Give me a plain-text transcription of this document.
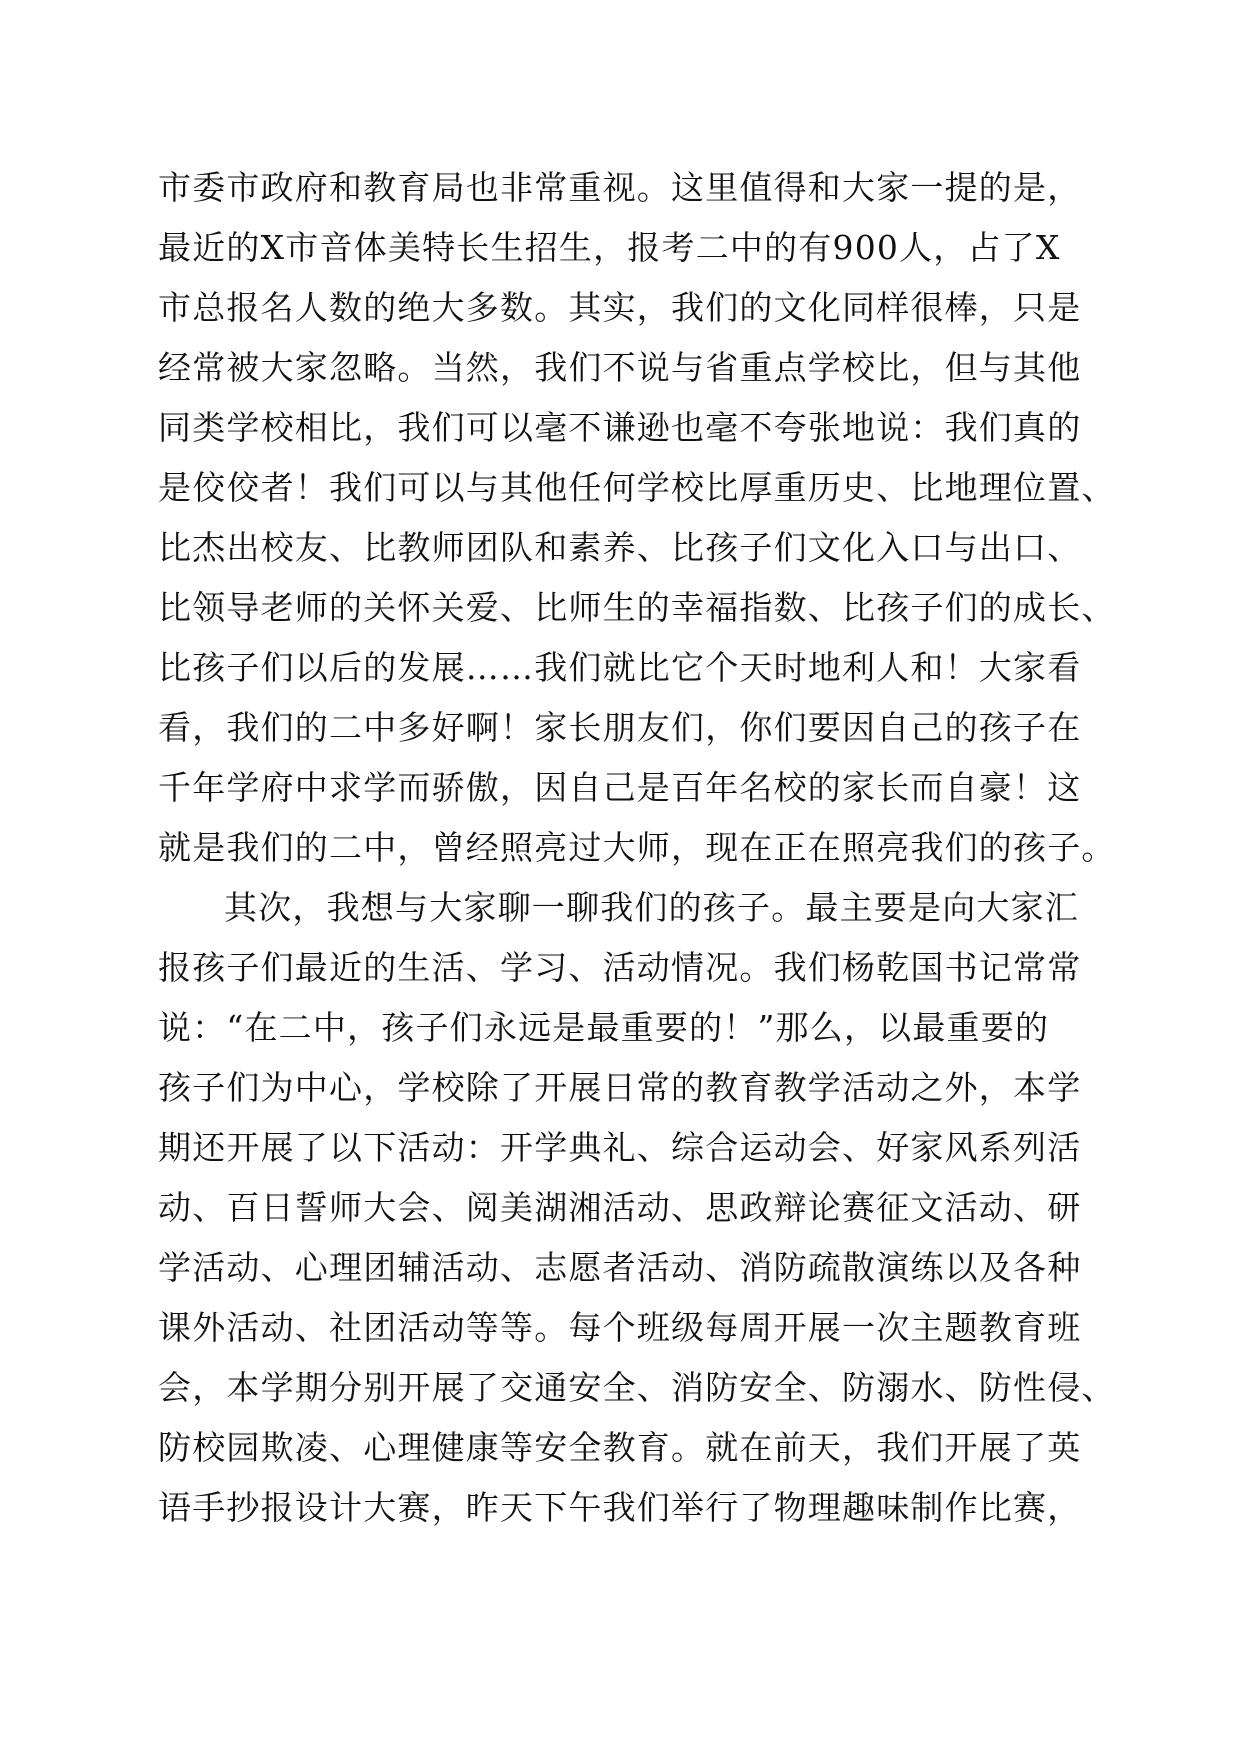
市委市政府和教育局也非常重视。这里值得和大家一提的是，
最近的X市音体美特长生招生，报考二中的有900人，占了X
市总报名人数的绝大多数。其实，我们的文化同样很棒，只是
经常被大家忽略。当然，我们不说与省重点学校比，但与其他
同类学校相比，我们可以毫不谦逊也毫不夸张地说：我们真的
是佼佼者！我们可以与其他任何学校比厚重历史、比地理位置、
比杰出校友、比教师团队和素养、比孩子们文化入口与出口、
比领导老师的关怀关爱、比师生的幸福指数、比孩子们的成长、
比孩子们以后的发展……我们就比它个天时地利人和！大家看
看，我们的二中多好啊！家长朋友们，你们要因自己的孩子在
千年学府中求学而骄傲，因自己是百年名校的家长而自豪！这
就是我们的二中，曾经照亮过大师，现在正在照亮我们的孩子。
其次，我想与大家聊一聊我们的孩子。最主要是向大家汇
报孩子们最近的生活、学习、活动情况。我们杨乾国书记常常
说：“在二中，孩子们永远是最重要的！”那么，以最重要的
孩子们为中心，学校除了开展日常的教育教学活动之外，本学
期还开展了以下活动：开学典礼、综合运动会、好家风系列活
动、百日誓师大会、阅美湖湘活动、思政辩论赛征文活动、研
学活动、心理团辅活动、志愿者活动、消防疏散演练以及各种
课外活动、社团活动等等。每个班级每周开展一次主题教育班
会，本学期分别开展了交通安全、消防安全、防溺水、防性侵、
防校园欺凌、心理健康等安全教育。就在前天，我们开展了英
语手抄报设计大赛，昨天下午我们举行了物理趣味制作比赛，
